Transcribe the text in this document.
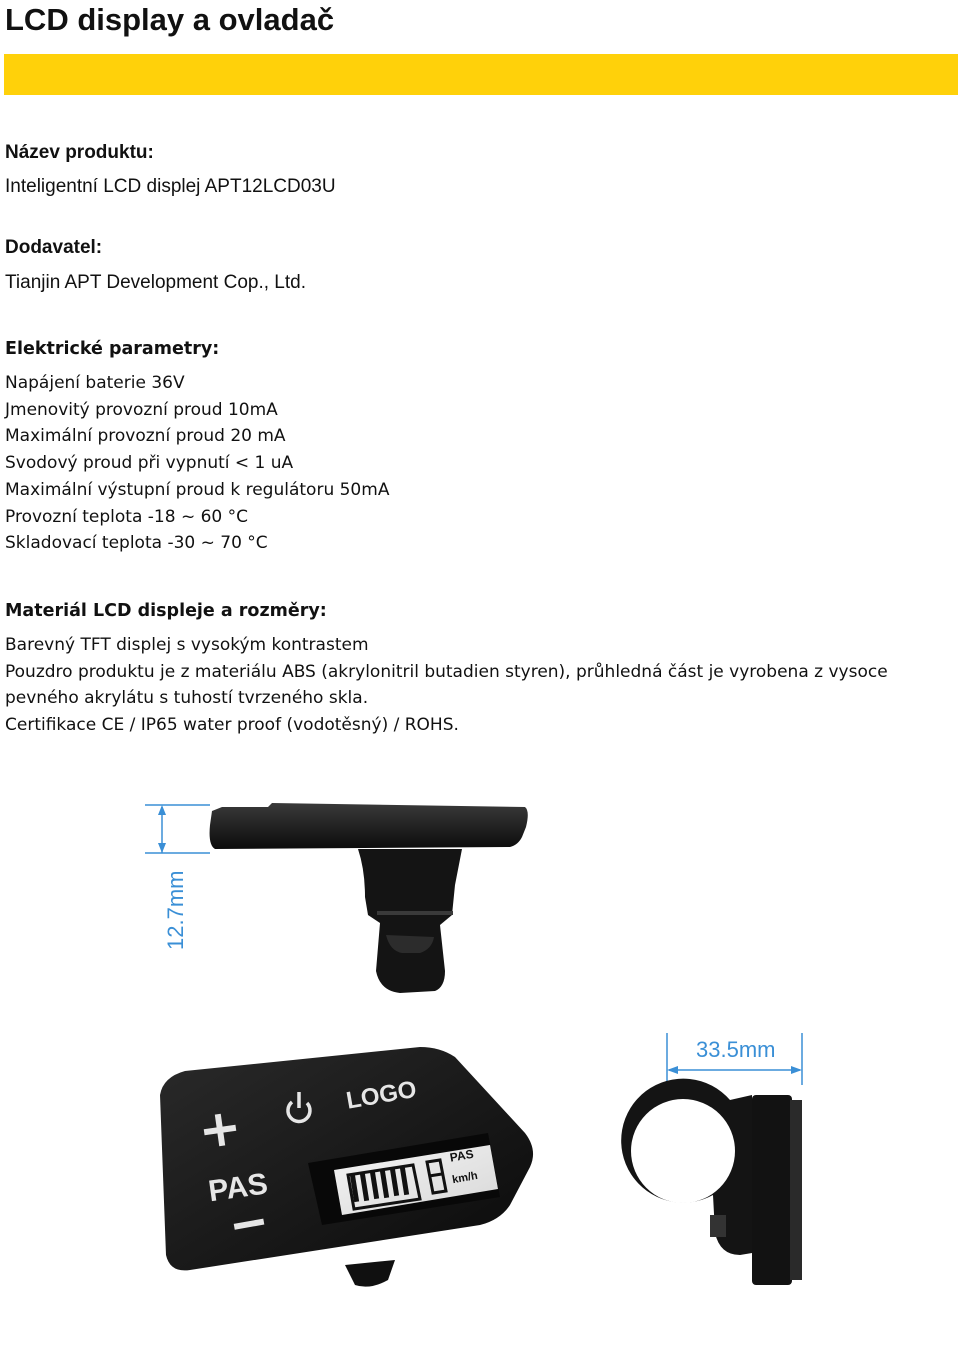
LCD display a ovladač
Název produktu:
Inteligentní LCD displej APT12LCD03U
Dodavatel:
Tianjin APT Development Cop., Ltd.
Elektrické parametry:
Napájení baterie 36V
Jmenovitý provozní proud 10mA
Maximální provozní proud 20 mA
Svodový proud při vypnutí < 1 uA
Maximální výstupní proud k regulátoru 50mA
Provozní teplota -18 ~ 60 °C
Skladovací teplota -30 ~ 70 °C
Materiál LCD displeje a rozměry:

Barevný TFT displej s vysokým kontrastem

Pouzdro produktu je z materiálu ABS (akrylonitril butadien styren), průhledná část je vyrobena z vysoce pevného akrylátu s tuhostí tvrzeného skla.

Certifikace CE / IP65 water proof (vodotěsný) / ROHS.

12.7mm
PAS
LOGO
PAS
km/h
33.5mm
